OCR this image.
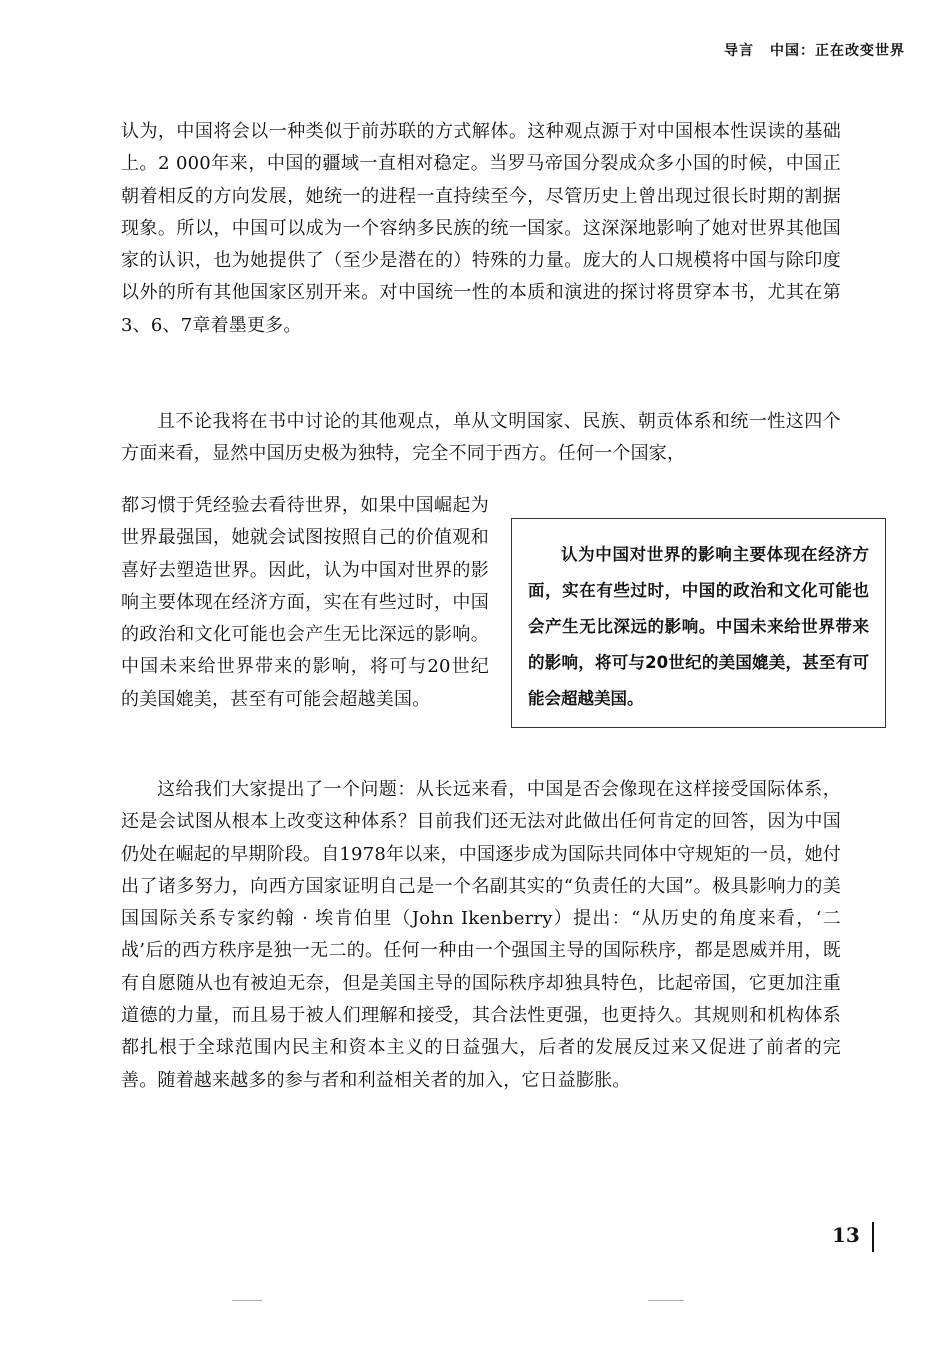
导言 中国：正在改变世界
认为，中国将会以一种类似于前苏联的方式解体。这种观点源于对中国根本性误读的基础上。2 000年来，中国的疆域一直相对稳定。当罗马帝国分裂成众多小国的时候，中国正朝着相反的方向发展，她统一的进程一直持续至今，尽管历史上曾出现过很长时期的割据现象。所以，中国可以成为一个容纳多民族的统一国家。这深深地影响了她对世界其他国家的认识，也为她提供了（至少是潜在的）特殊的力量。庞大的人口规模将中国与除印度以外的所有其他国家区别开来。对中国统一性的本质和演进的探讨将贯穿本书，尤其在第3、6、7章着墨更多。
且不论我将在书中讨论的其他观点，单从文明国家、民族、朝贡体系和统一性这四个方面来看，显然中国历史极为独特，完全不同于西方。任何一个国家，
都习惯于凭经验去看待世界，如果中国崛起为世界最强国，她就会试图按照自己的价值观和喜好去塑造世界。因此，认为中国对世界的影响主要体现在经济方面，实在有些过时，中国的政治和文化可能也会产生无比深远的影响。中国未来给世界带来的影响，将可与20世纪的美国媲美，甚至有可能会超越美国。
认为中国对世界的影响主要体现在经济方面，实在有些过时，中国的政治和文化可能也会产生无比深远的影响。中国未来给世界带来的影响，将可与20世纪的美国媲美，甚至有可能会超越美国。
这给我们大家提出了一个问题：从长远来看，中国是否会像现在这样接受国际体系，还是会试图从根本上改变这种体系？目前我们还无法对此做出任何肯定的回答，因为中国仍处在崛起的早期阶段。自1978年以来，中国逐步成为国际共同体中守规矩的一员，她付出了诸多努力，向西方国家证明自己是一个名副其实的“负责任的大国”。极具影响力的美国国际关系专家约翰 · 埃肯伯里（John Ikenberry）提出：“从历史的角度来看，‘二战’后的西方秩序是独一无二的。任何一种由一个强国主导的国际秩序，都是恩威并用，既有自愿随从也有被迫无奈，但是美国主导的国际秩序却独具特色，比起帝国，它更加注重道德的力量，而且易于被人们理解和接受，其合法性更强，也更持久。其规则和机构体系都扎根于全球范围内民主和资本主义的日益强大，后者的发展反过来又促进了前者的完善。随着越来越多的参与者和利益相关者的加入，它日益膨胀。
13
